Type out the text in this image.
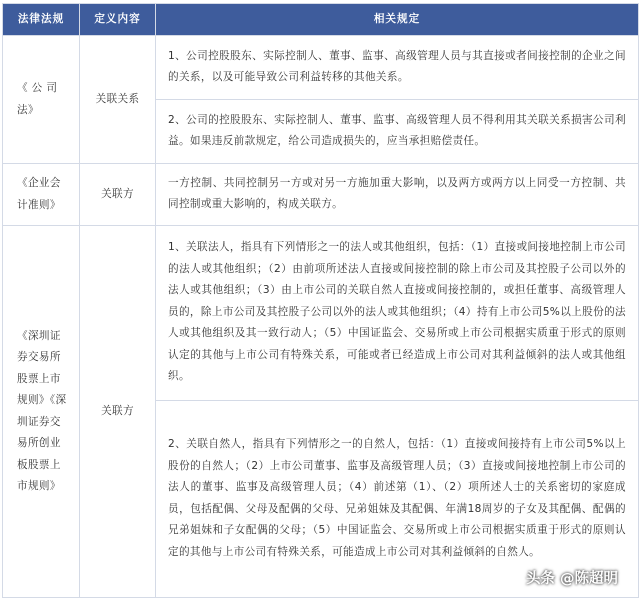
法律法规	定义内容	相关规定
《 公 司 法》	关联关系	1、公司控股股东、实际控制人、董事、监事、高级管理人员与其直接或者间接控制的企业之间的关系，以及可能导致公司利益转移的其他关系。
		2、公司的控股股东、实际控制人、董事、监事、高级管理人员不得利用其关联关系损害公司利益。如果违反前款规定，给公司造成损失的，应当承担赔偿责任。
《企业会计准则》	关联方	一方控制、共同控制另一方或对另一方施加重大影响，以及两方或两方以上同受一方控制、共同控制或重大影响的，构成关联方。
《深圳证券交易所股票上市规则》《深圳证券交易所创业板股票上市规则》	关联方	1、关联法人，指具有下列情形之一的法人或其他组织，包括：（1）直接或间接地控制上市公司的法人或其他组织；（2）由前项所述法人直接或间接控制的除上市公司及其控股子公司以外的法人或其他组织；（3）由上市公司的关联自然人直接或间接控制的，或担任董事、高级管理人员的，除上市公司及其控股子公司以外的法人或其他组织；（4）持有上市公司5%以上股份的法人或其他组织及其一致行动人；（5）中国证监会、交易所或上市公司根据实质重于形式的原则认定的其他与上市公司有特殊关系，可能或者已经造成上市公司对其利益倾斜的法人或其他组织。
		2、关联自然人，指具有下列情形之一的自然人，包括：（1）直接或间接持有上市公司5%以上股份的自然人；（2）上市公司董事、监事及高级管理人员；（3）直接或间接地控制上市公司的法人的董事、监事及高级管理人员；（4）前述第（1）、（2）项所述人士的关系密切的家庭成员，包括配偶、父母及配偶的父母、兄弟姐妹及其配偶、年满18周岁的子女及其配偶、配偶的兄弟姐妹和子女配偶的父母；（5）中国证监会、交易所或上市公司根据实质重于形式的原则认定的其他与上市公司有特殊关系，可能造成上市公司对其利益倾斜的自然人。
头条 @陈超明
